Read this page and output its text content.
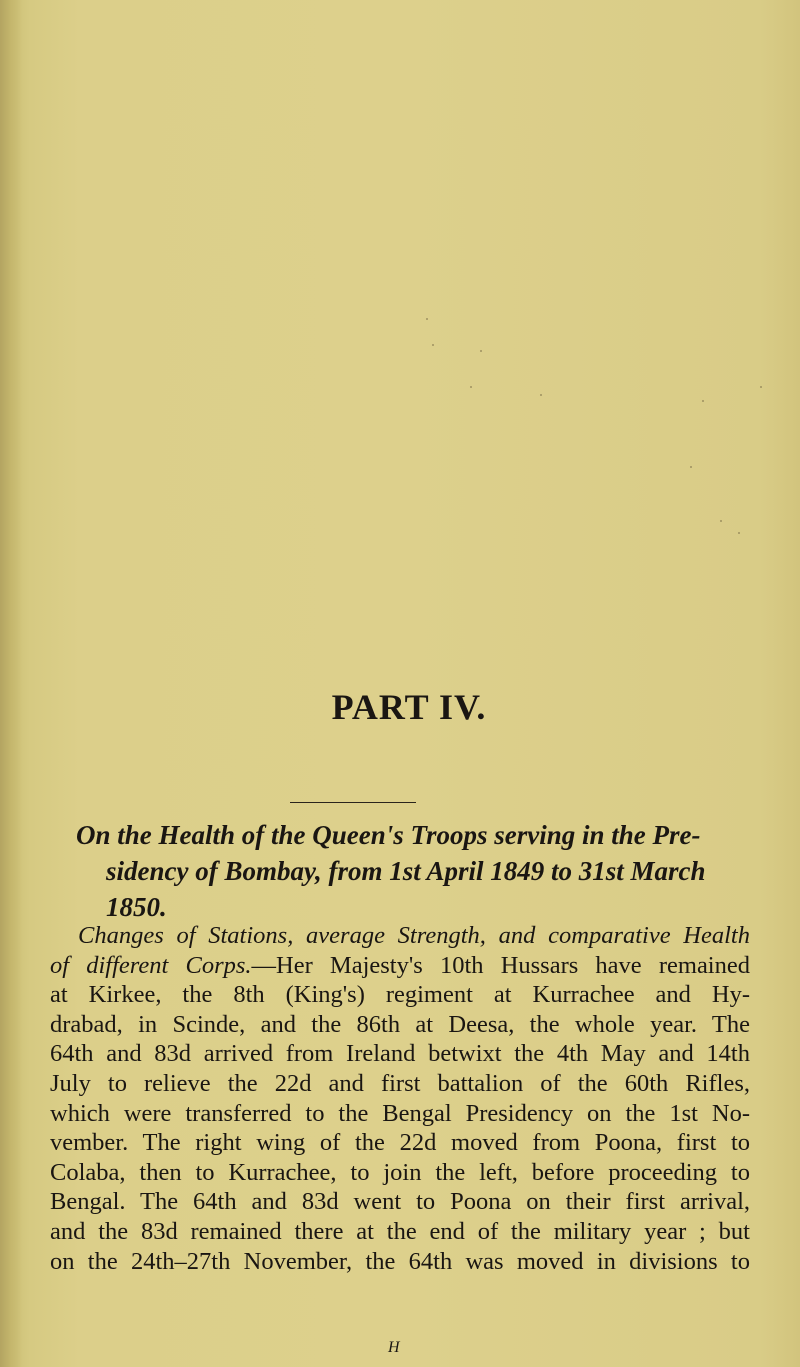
PART IV.

On the Health of the Queen's Troops serving in the Pre-
sidency of Bombay, from 1st April 1849 to 31st March
1850.

Changes of Stations, average Strength, and comparative Health
of different Corps.—Her Majesty's 10th Hussars have remained
at Kirkee, the 8th (King's) regiment at Kurrachee and Hy-
drabad, in Scinde, and the 86th at Deesa, the whole year. The
64th and 83d arrived from Ireland betwixt the 4th May and 14th
July to relieve the 22d and first battalion of the 60th Rifles,
which were transferred to the Bengal Presidency on the 1st No-
vember. The right wing of the 22d moved from Poona, first to
Colaba, then to Kurrachee, to join the left, before proceeding to
Bengal. The 64th and 83d went to Poona on their first arrival,
and the 83d remained there at the end of the military year ; but
on the 24th–27th November, the 64th was moved in divisions to
H
